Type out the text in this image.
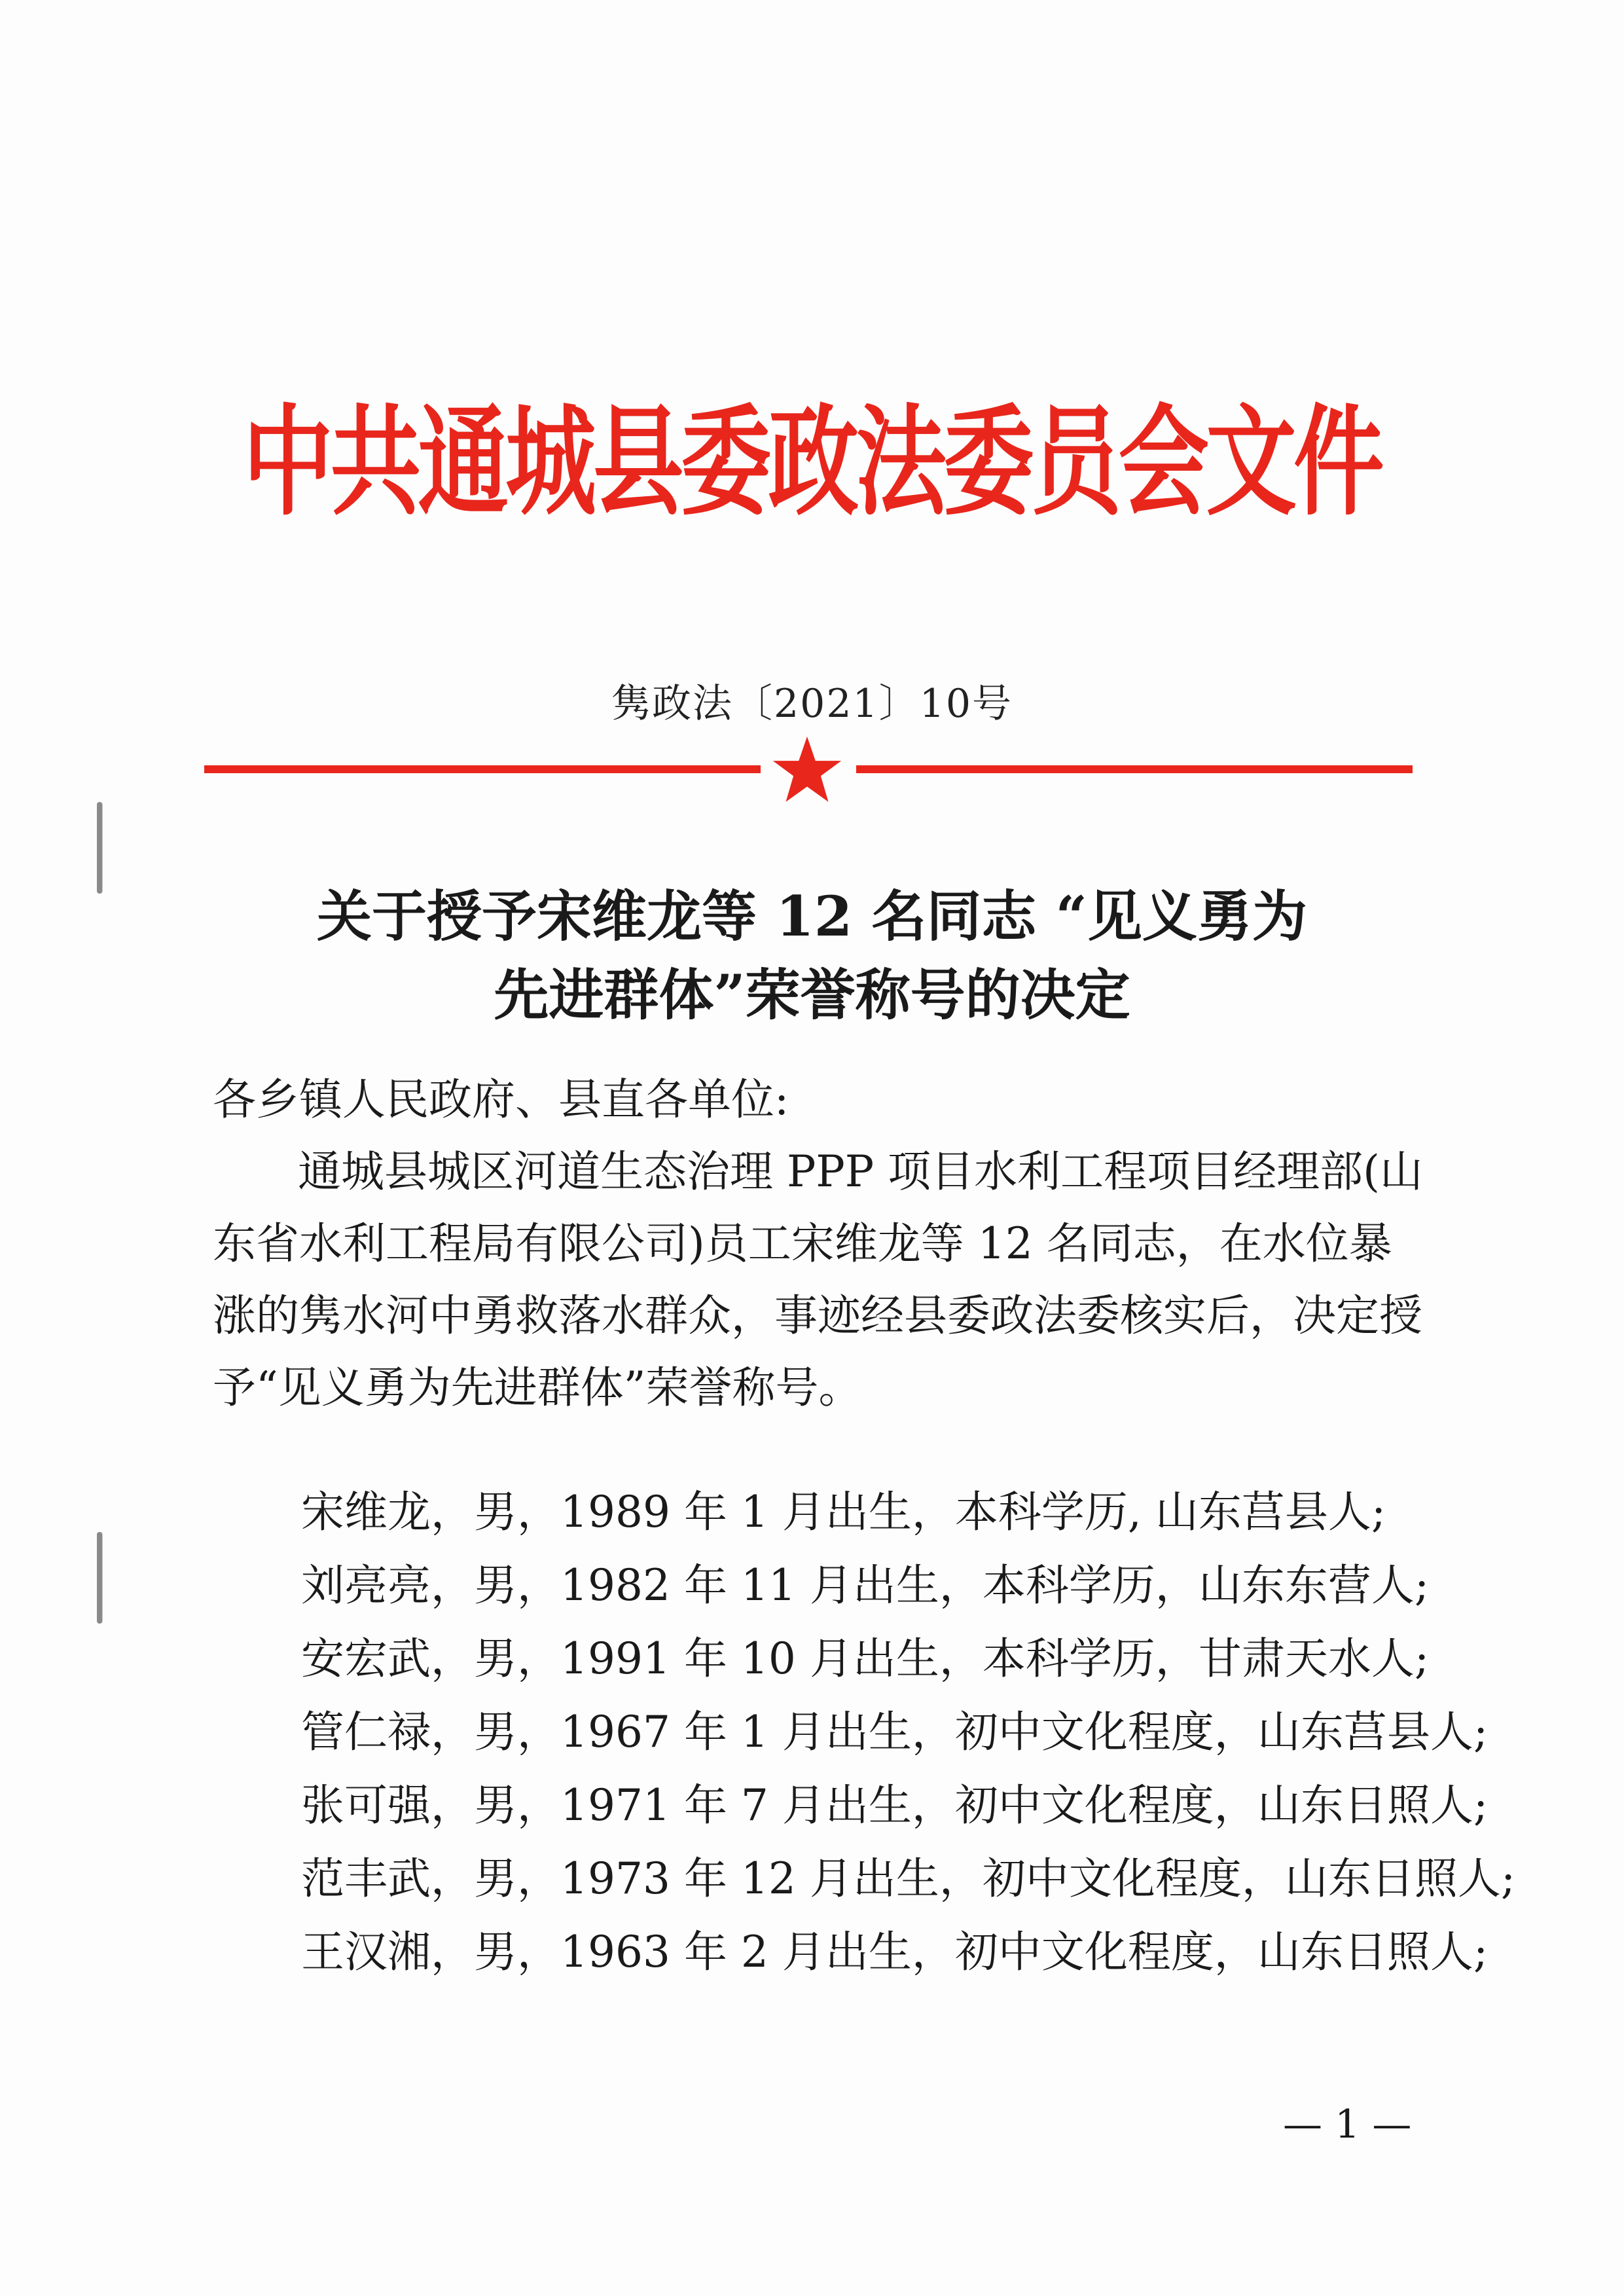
中共通城县委政法委员会文件
隽政法〔2021〕10号
关于授予宋维龙等 12 名同志 “见义勇为
先进群体”荣誉称号的决定
各乡镇人民政府、县直各单位:
通城县城区河道生态治理 PPP 项目水利工程项目经理部(山
东省水利工程局有限公司)员工宋维龙等 12 名同志，在水位暴
涨的隽水河中勇救落水群众，事迹经县委政法委核实后，决定授
予“见义勇为先进群体”荣誉称号。
宋维龙，男，1989 年 1 月出生，本科学历, 山东莒县人;
刘亮亮，男，1982 年 11 月出生，本科学历，山东东营人;
安宏武，男，1991 年 10 月出生，本科学历，甘肃天水人;
管仁禄，男，1967 年 1 月出生，初中文化程度，山东莒县人;
张可强，男，1971 年 7 月出生，初中文化程度，山东日照人;
范丰武，男，1973 年 12 月出生，初中文化程度，山东日照人;
王汉湘，男，1963 年 2 月出生，初中文化程度，山东日照人;
— 1 —
